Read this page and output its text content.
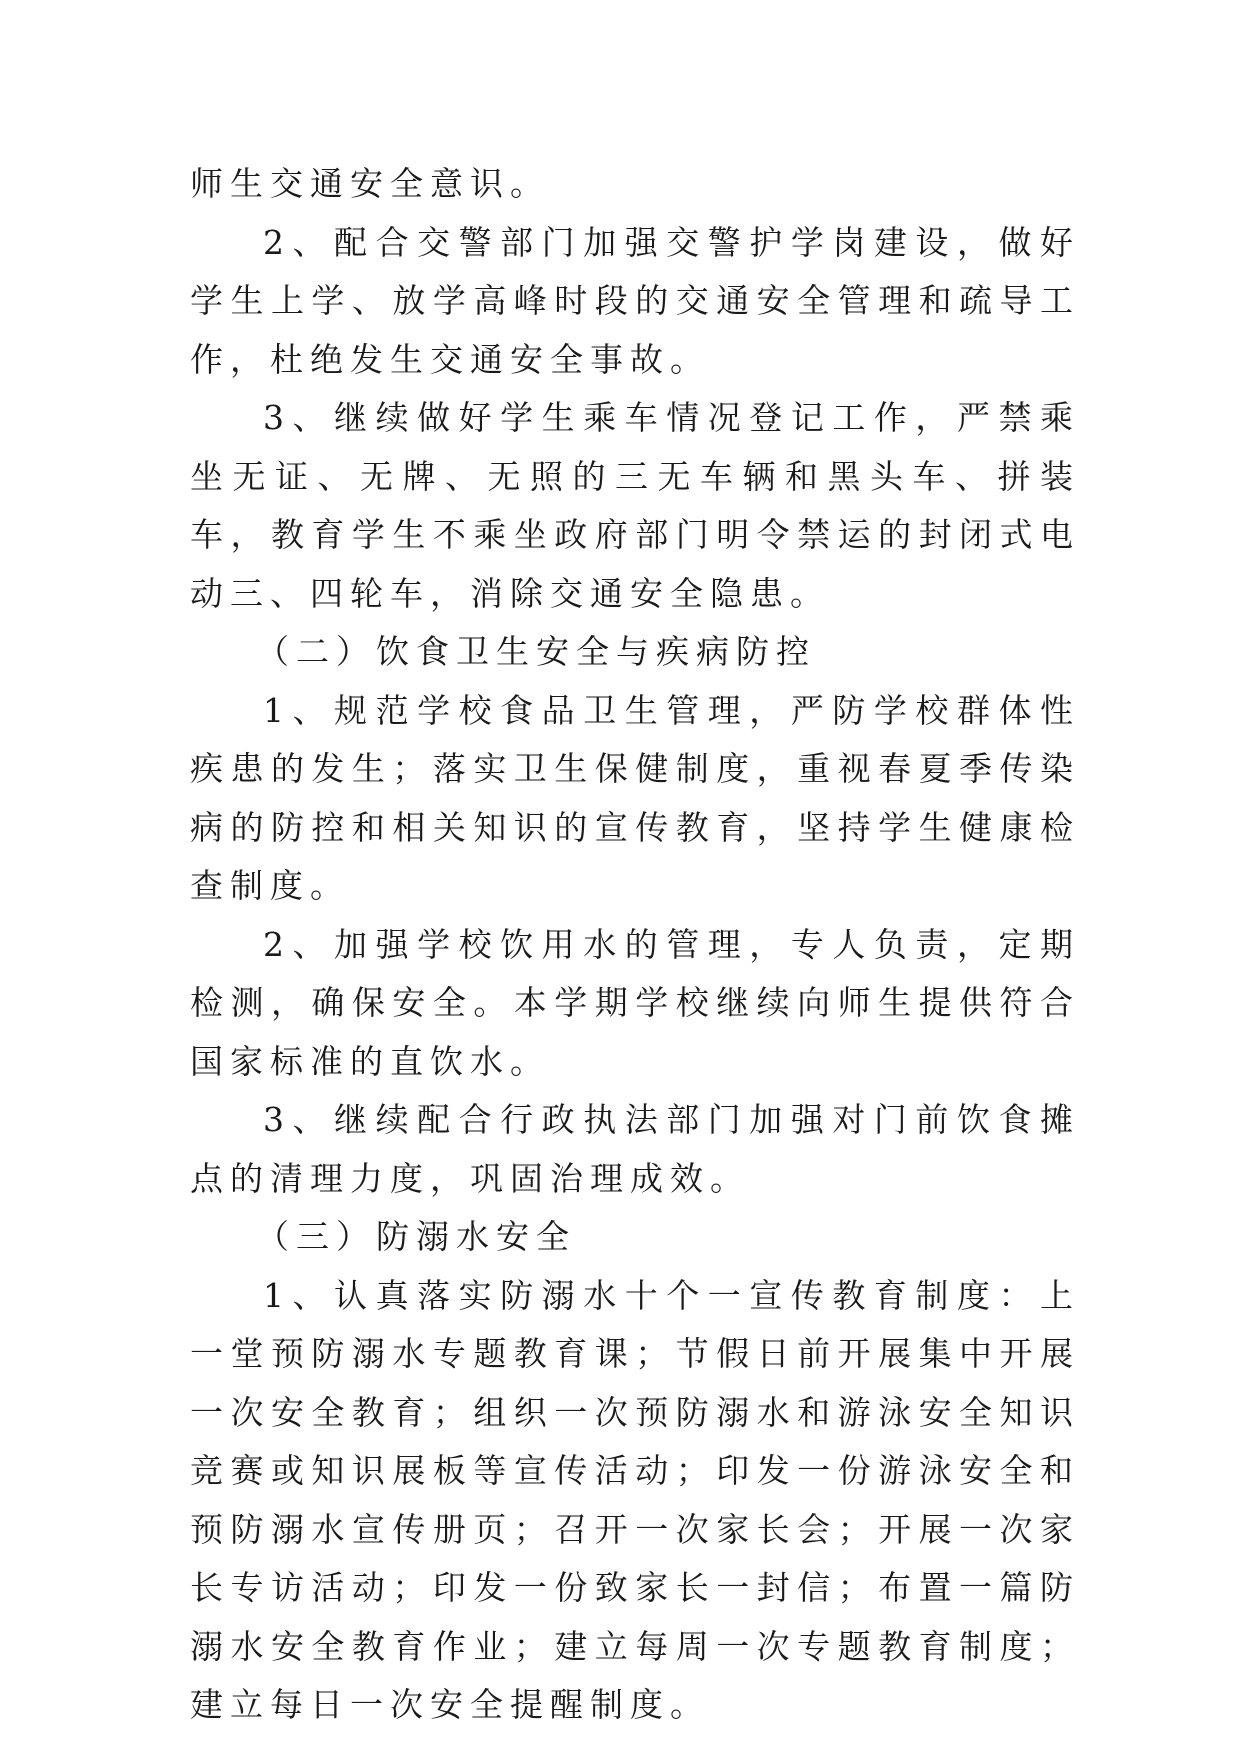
师生交通安全意识。

2、配合交警部门加强交警护学岗建设，做好学生上学、放学高峰时段的交通安全管理和疏导工作，杜绝发生交通安全事故。

3、继续做好学生乘车情况登记工作，严禁乘坐无证、无牌、无照的三无车辆和黑头车、拼装车，教育学生不乘坐政府部门明令禁运的封闭式电动三、四轮车，消除交通安全隐患。

（二）饮食卫生安全与疾病防控

1、规范学校食品卫生管理，严防学校群体性疾患的发生；落实卫生保健制度，重视春夏季传染病的防控和相关知识的宣传教育，坚持学生健康检查制度。

2、加强学校饮用水的管理，专人负责，定期检测，确保安全。本学期学校继续向师生提供符合国家标准的直饮水。

3、继续配合行政执法部门加强对门前饮食摊点的清理力度，巩固治理成效。

（三）防溺水安全

1、认真落实防溺水十个一宣传教育制度：上一堂预防溺水专题教育课；节假日前开展集中开展一次安全教育；组织一次预防溺水和游泳安全知识竞赛或知识展板等宣传活动；印发一份游泳安全和预防溺水宣传册页；召开一次家长会；开展一次家长专访活动；印发一份致家长一封信；布置一篇防溺水安全教育作业；建立每周一次专题教育制度；建立每日一次安全提醒制度。
